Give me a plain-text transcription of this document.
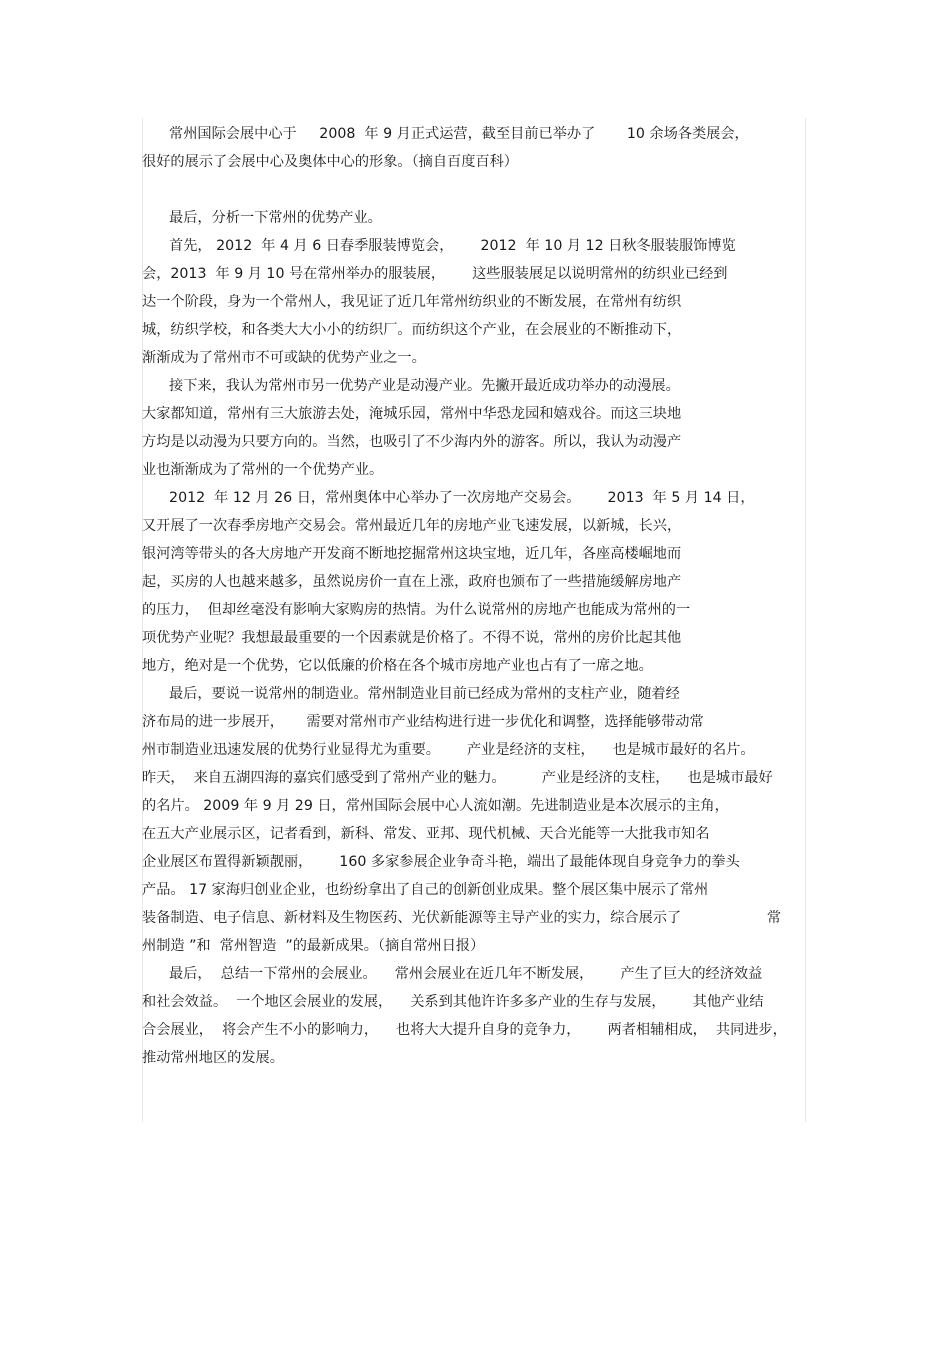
常州国际会展中心于     2008  年 9 月正式运营，截至目前已举办了       10 余场各类展会，
很好的展示了会展中心及奥体中心的形象。（摘自百度百科）
最后，分析一下常州的优势产业。
首先， 2012  年 4 月 6 日春季服装博览会，      2012  年 10 月 12 日秋冬服装服饰博览
会，2013  年 9 月 10 号在常州举办的服装展，      这些服装展足以说明常州的纺织业已经到
达一个阶段，身为一个常州人，我见证了近几年常州纺织业的不断发展，在常州有纺织
城，纺织学校，和各类大大小小的纺织厂。而纺织这个产业，在会展业的不断推动下，
渐渐成为了常州市不可或缺的优势产业之一。
接下来，我认为常州市另一优势产业是动漫产业。先撇开最近成功举办的动漫展。
大家都知道，常州有三大旅游去处，淹城乐园，常州中华恐龙园和嬉戏谷。而这三块地
方均是以动漫为只要方向的。当然，也吸引了不少海内外的游客。所以，我认为动漫产
业也渐渐成为了常州的一个优势产业。
2012  年 12 月 26 日，常州奥体中心举办了一次房地产交易会。      2013  年 5 月 14 日，
又开展了一次春季房地产交易会。常州最近几年的房地产业飞速发展，以新城，长兴，
银河湾等带头的各大房地产开发商不断地挖掘常州这块宝地，近几年，各座高楼崛地而
起，买房的人也越来越多，虽然说房价一直在上涨，政府也颁布了一些措施缓解房地产
的压力，  但却丝毫没有影响大家购房的热情。为什么说常州的房地产也能成为常州的一
项优势产业呢？我想最最重要的一个因素就是价格了。不得不说，常州的房价比起其他
地方，绝对是一个优势，它以低廉的价格在各个城市房地产业也占有了一席之地。
最后，要说一说常州的制造业。常州制造业目前已经成为常州的支柱产业，随着经
济布局的进一步展开，     需要对常州市产业结构进行进一步优化和调整，选择能够带动常
州市制造业迅速发展的优势行业显得尤为重要。      产业是经济的支柱，    也是城市最好的名片。
昨天，  来自五湖四海的嘉宾们感受到了常州产业的魅力。        产业是经济的支柱，    也是城市最好
的名片。 2009 年 9 月 29 日，常州国际会展中心人流如潮。先进制造业是本次展示的主角，
在五大产业展示区，记者看到，新科、常发、亚邦、现代机械、天合光能等一大批我市知名
企业展区布置得新颖靓丽，      160 多家参展企业争奇斗艳，端出了最能体现自身竞争力的拳头
产品。 17 家海归创业企业，也纷纷拿出了自己的创新创业成果。整个展区集中展示了常州
装备制造、电子信息、新材料及生物医药、光伏新能源等主导产业的实力，综合展示了                   常
州制造 ”和  常州智造  ”的最新成果。（摘自常州日报）
最后，  总结一下常州的会展业。    常州会展业在近几年不断发展，      产生了巨大的经济效益
和社会效益。  一个地区会展业的发展，    关系到其他许许多多产业的生存与发展，      其他产业结
合会展业，  将会产生不小的影响力，    也将大大提升自身的竞争力，      两者相辅相成，  共同进步，
推动常州地区的发展。
